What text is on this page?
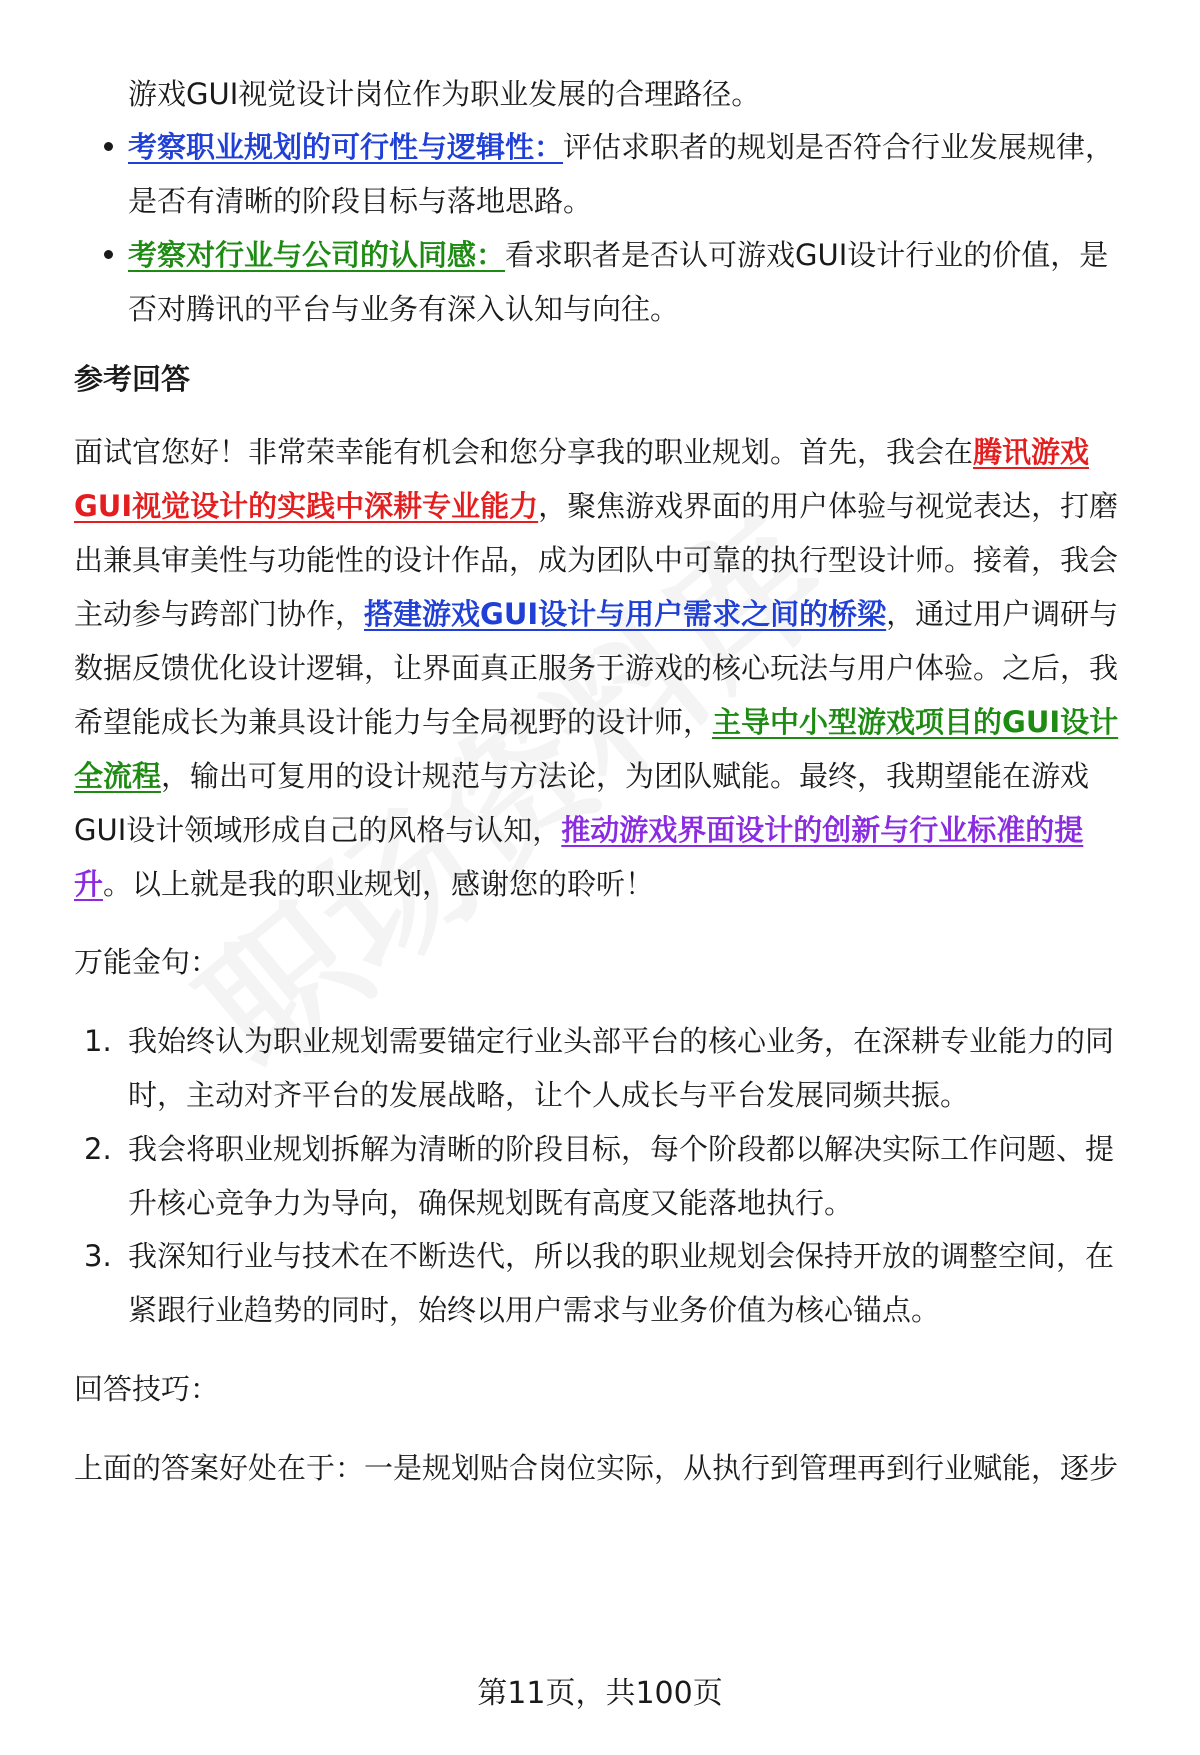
游戏GUI视觉设计岗位作为职业发展的合理路径。

考察职业规划的可行性与逻辑性：评估求职者的规划是否符合行业发展规律，

是否有清晰的阶段目标与落地思路。

考察对行业与公司的认同感：看求职者是否认可游戏GUI设计行业的价值，是

否对腾讯的平台与业务有深入认知与向往。

参考回答

面试官您好！非常荣幸能有机会和您分享我的职业规划。首先，我会在腾讯游戏

GUI视觉设计的实践中深耕专业能力，聚焦游戏界面的用户体验与视觉表达，打磨

出兼具审美性与功能性的设计作品，成为团队中可靠的执行型设计师。接着，我会

主动参与跨部门协作，搭建游戏GUI设计与用户需求之间的桥梁，通过用户调研与

数据反馈优化设计逻辑，让界面真正服务于游戏的核心玩法与用户体验。之后，我

希望能成长为兼具设计能力与全局视野的设计师，主导中小型游戏项目的GUI设计

全流程，输出可复用的设计规范与方法论，为团队赋能。最终，我期望能在游戏

GUI设计领域形成自己的风格与认知，推动游戏界面设计的创新与行业标准的提

升。以上就是我的职业规划，感谢您的聆听！

万能金句：

1. 我始终认为职业规划需要锚定行业头部平台的核心业务，在深耕专业能力的同

时，主动对齐平台的发展战略，让个人成长与平台发展同频共振。

2. 我会将职业规划拆解为清晰的阶段目标，每个阶段都以解决实际工作问题、提

升核心竞争力为导向，确保规划既有高度又能落地执行。

3. 我深知行业与技术在不断迭代，所以我的职业规划会保持开放的调整空间，在

紧跟行业趋势的同时，始终以用户需求与业务价值为核心锚点。

回答技巧：

上面的答案好处在于：一是规划贴合岗位实际，从执行到管理再到行业赋能，逐步

第11页，共100页
